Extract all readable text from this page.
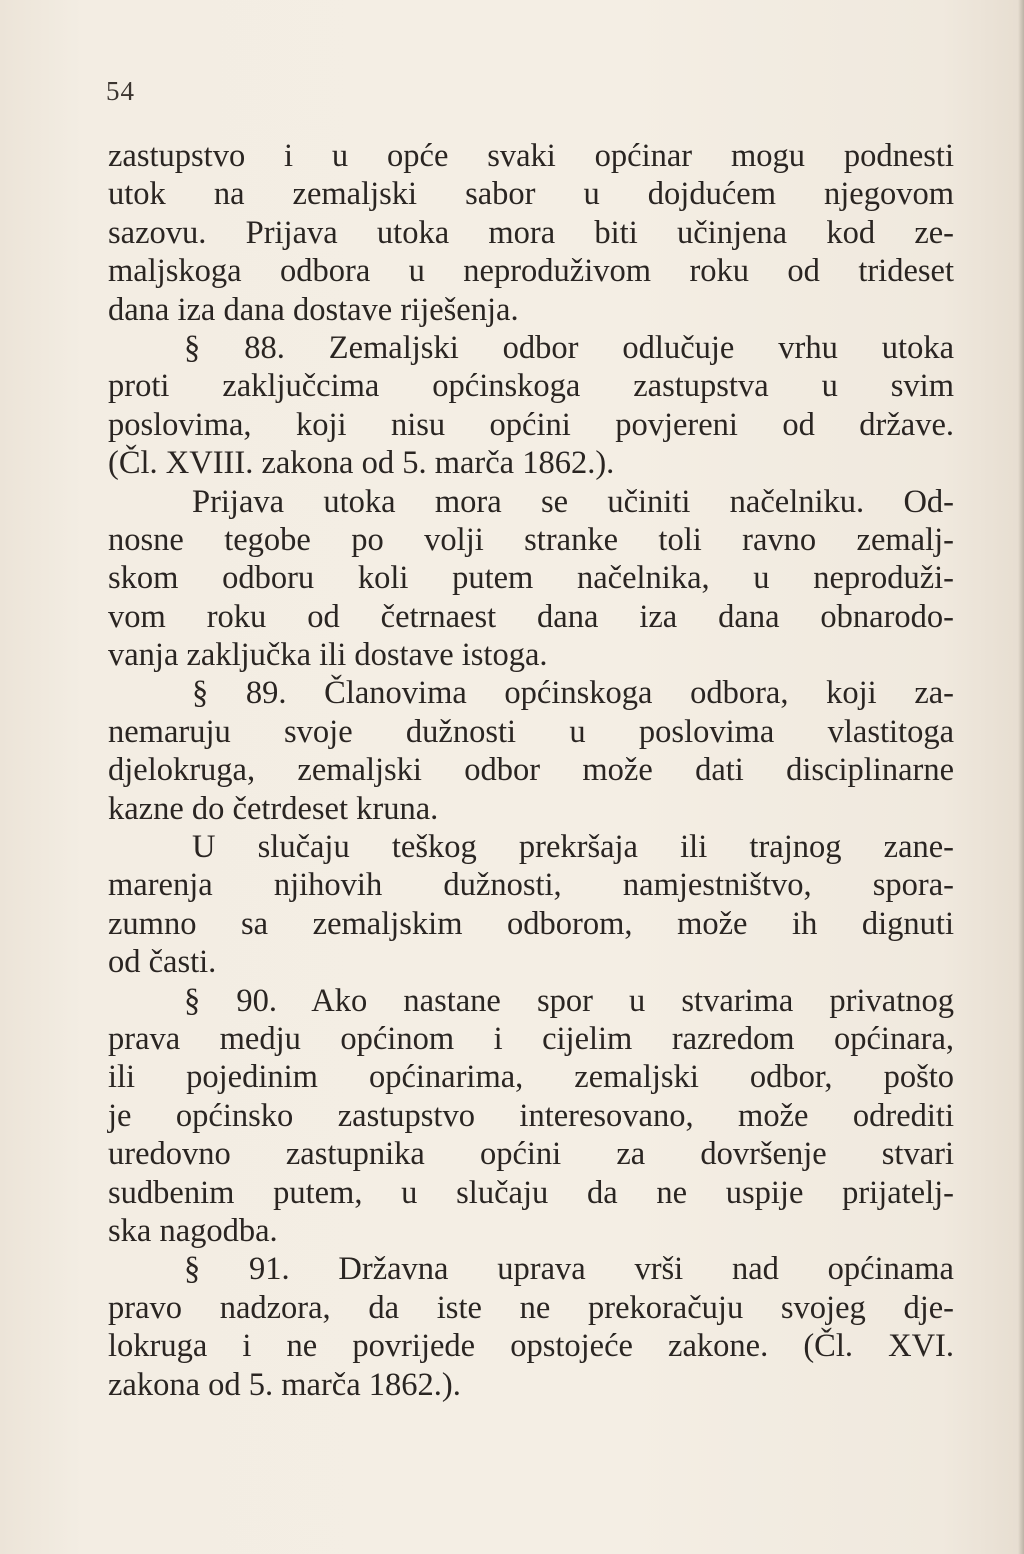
54
zastupstvo i u opće svaki općinar mogu podnesti
utok na zemaljski sabor u dojdućem njegovom
sazovu. Prijava utoka mora biti učinjena kod ze-
maljskoga odbora u neproduživom roku od trideset
dana iza dana dostave riješenja.
§ 88. Zemaljski odbor odlučuje vrhu utoka
proti zaključcima općinskoga zastupstva u svim
poslovima, koji nisu općini povjereni od države.
(Čl. XVIII. zakona od 5. marča 1862.).
Prijava utoka mora se učiniti načelniku. Od-
nosne tegobe po volji stranke toli ravno zemalj-
skom odboru koli putem načelnika, u neproduži-
vom roku od četrnaest dana iza dana obnarodo-
vanja zaključka ili dostave istoga.
§ 89. Članovima općinskoga odbora, koji za-
nemaruju svoje dužnosti u poslovima vlastitoga
djelokruga, zemaljski odbor može dati disciplinarne
kazne do četrdeset kruna.
U slučaju teškog prekršaja ili trajnog zane-
marenja njihovih dužnosti, namjestništvo, spora-
zumno sa zemaljskim odborom, može ih dignuti
od časti.
§ 90. Ako nastane spor u stvarima privatnog
prava medju općinom i cijelim razredom općinara,
ili pojedinim općinarima, zemaljski odbor, pošto
je općinsko zastupstvo interesovano, može odrediti
uredovno zastupnika općini za dovršenje stvari
sudbenim putem, u slučaju da ne uspije prijatelj-
ska nagodba.
§ 91. Državna uprava vrši nad općinama
pravo nadzora, da iste ne prekoračuju svojeg dje-
lokruga i ne povrijede opstojeće zakone. (Čl. XVI.
zakona od 5. marča 1862.).
